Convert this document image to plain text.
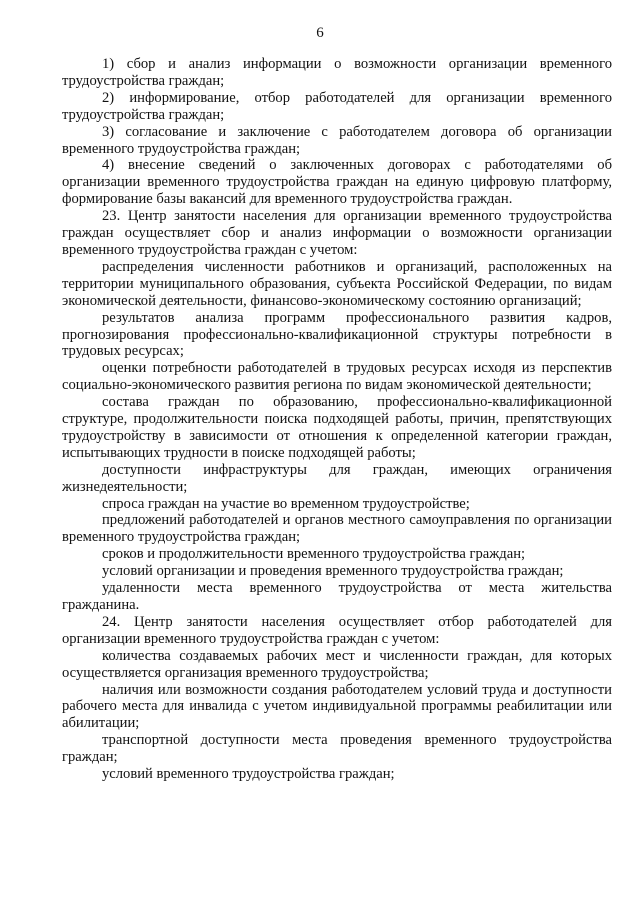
6

1) сбор и анализ информации о возможности организации временного трудоустройства граждан;

2) информирование, отбор работодателей для организации временного трудоустройства граждан;

3) согласование и заключение с работодателем договора об организации временного трудоустройства граждан;

4) внесение сведений о заключенных договорах с работодателями об организации временного трудоустройства граждан на единую цифровую платформу, формирование базы вакансий для временного трудоустройства граждан.

23. Центр занятости населения для организации временного трудоустройства граждан осуществляет сбор и анализ информации о возможности организации временного трудоустройства граждан с учетом:

распределения численности работников и организаций, расположенных на территории муниципального образования, субъекта Российской Федерации, по видам экономической деятельности, финансово-экономическому состоянию организаций;

результатов анализа программ профессионального развития кадров, прогнозирования профессионально-квалификационной структуры потребности в трудовых ресурсах;

оценки потребности работодателей в трудовых ресурсах исходя из перспектив социально-экономического развития региона по видам экономической деятельности;

состава граждан по образованию, профессионально-квалификационной структуре, продолжительности поиска подходящей работы, причин, препятствующих трудоустройству в зависимости от отношения к определенной категории граждан, испытывающих трудности в поиске подходящей работы;

доступности инфраструктуры для граждан, имеющих ограничения жизнедеятельности;

спроса граждан на участие во временном трудоустройстве;

предложений работодателей и органов местного самоуправления по организации временного трудоустройства граждан;

сроков и продолжительности временного трудоустройства граждан;

условий организации и проведения временного трудоустройства граждан;

удаленности места временного трудоустройства от места жительства гражданина.

24. Центр занятости населения осуществляет отбор работодателей для организации временного трудоустройства граждан с учетом:

количества создаваемых рабочих мест и численности граждан, для которых осуществляется организация временного трудоустройства;

наличия или возможности создания работодателем условий труда и доступности рабочего места для инвалида с учетом индивидуальной программы реабилитации или абилитации;

транспортной доступности места проведения временного трудоустройства граждан;

условий временного трудоустройства граждан;
